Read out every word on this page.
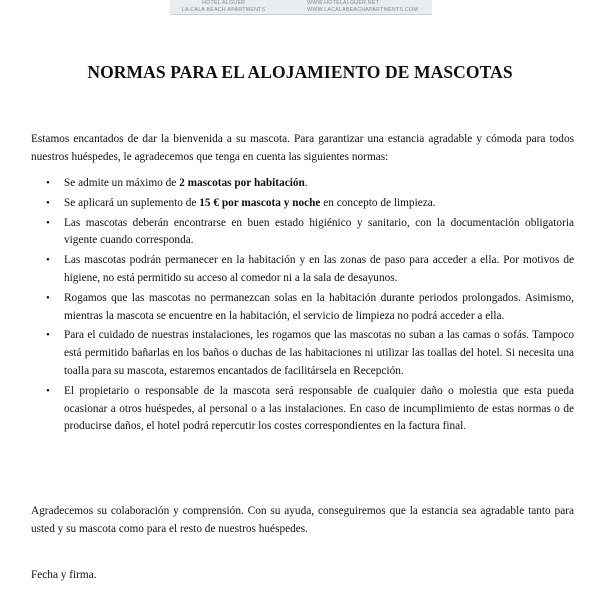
HOTEL ALGUER
LA CALA BEACH APARTMENTS
WWW.HOTELALGUER.NET
WWW.LACALABEACHAPARTMENTS.COM
NORMAS PARA EL ALOJAMIENTO DE MASCOTAS

Estamos encantados de dar la bienvenida a su mascota. Para garantizar una estancia agradable y cómoda para todos nuestros huéspedes, le agradecemos que tenga en cuenta las siguientes normas:

• Se admite un máximo de 2 mascotas por habitación.
• Se aplicará un suplemento de 15 € por mascota y noche en concepto de limpieza.
• Las mascotas deberán encontrarse en buen estado higiénico y sanitario, con la documentación obligatoria vigente cuando corresponda.
• Las mascotas podrán permanecer en la habitación y en las zonas de paso para acceder a ella. Por motivos de higiene, no está permitido su acceso al comedor ni a la sala de desayunos.
• Rogamos que las mascotas no permanezcan solas en la habitación durante periodos prolongados. Asimismo, mientras la mascota se encuentre en la habitación, el servicio de limpieza no podrá acceder a ella.
• Para el cuidado de nuestras instalaciones, les rogamos que las mascotas no suban a las camas o sofás. Tampoco está permitido bañarlas en los baños o duchas de las habitaciones ni utilizar las toallas del hotel. Si necesita una toalla para su mascota, estaremos encantados de facilitársela en Recepción.
• El propietario o responsable de la mascota será responsable de cualquier daño o molestia que esta pueda ocasionar a otros huéspedes, al personal o a las instalaciones. En caso de incumplimiento de estas normas o de producirse daños, el hotel podrá repercutir los costes correspondientes en la factura final.
Agradecemos su colaboración y comprensión. Con su ayuda, conseguiremos que la estancia sea agradable tanto para usted y su mascota como para el resto de nuestros huéspedes.
Fecha y firma.
